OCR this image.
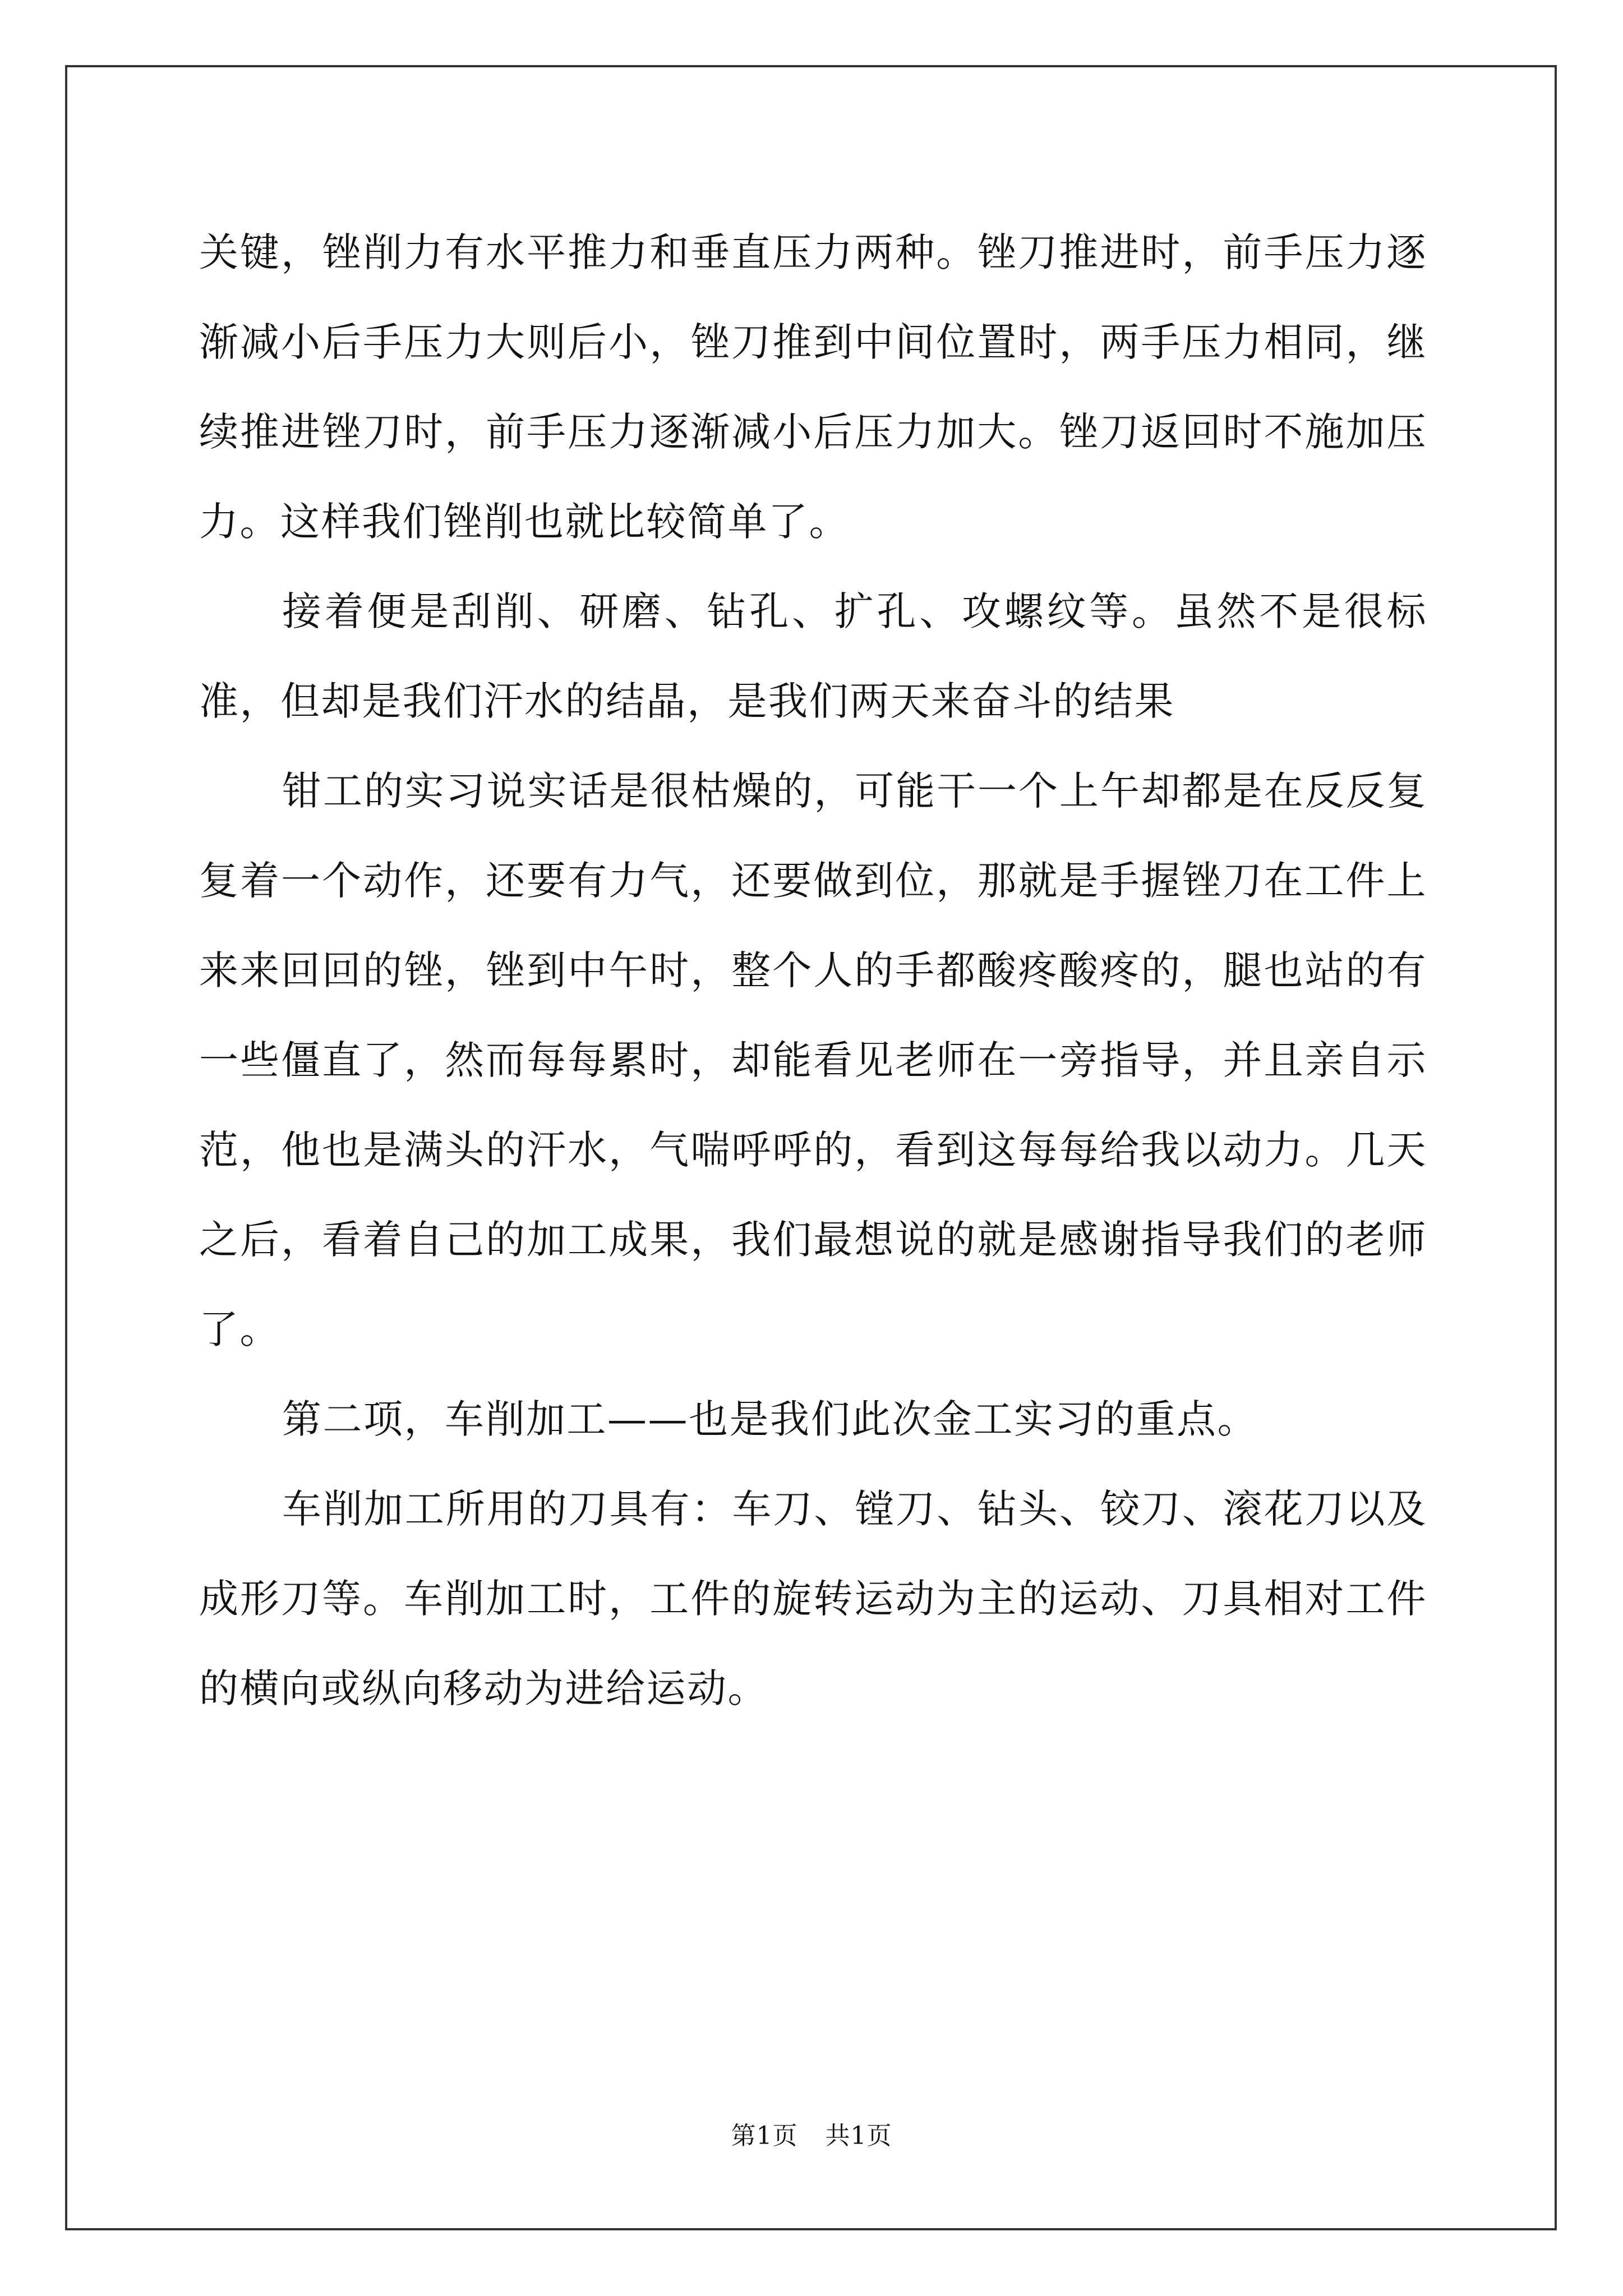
关键，锉削力有水平推力和垂直压力两种。锉刀推进时，前手压力逐渐减小后手压力大则后小，锉刀推到中间位置时，两手压力相同，继续推进锉刀时，前手压力逐渐减小后压力加大。锉刀返回时不施加压力。这样我们锉削也就比较简单了。

接着便是刮削、研磨、钻孔、扩孔、攻螺纹等。虽然不是很标准，但却是我们汗水的结晶，是我们两天来奋斗的结果

钳工的实习说实话是很枯燥的，可能干一个上午却都是在反反复复着一个动作，还要有力气，还要做到位，那就是手握锉刀在工件上来来回回的锉，锉到中午时，整个人的手都酸疼酸疼的，腿也站的有一些僵直了，然而每每累时，却能看见老师在一旁指导，并且亲自示范，他也是满头的汗水，气喘呼呼的，看到这每每给我以动力。几天之后，看着自己的加工成果，我们最想说的就是感谢指导我们的老师了。

第二项，车削加工——也是我们此次金工实习的重点。

车削加工所用的刀具有：车刀、镗刀、钻头、铰刀、滚花刀以及成形刀等。车削加工时，工件的旋转运动为主的运动、刀具相对工件的横向或纵向移动为进给运动。

第1页 共1页
